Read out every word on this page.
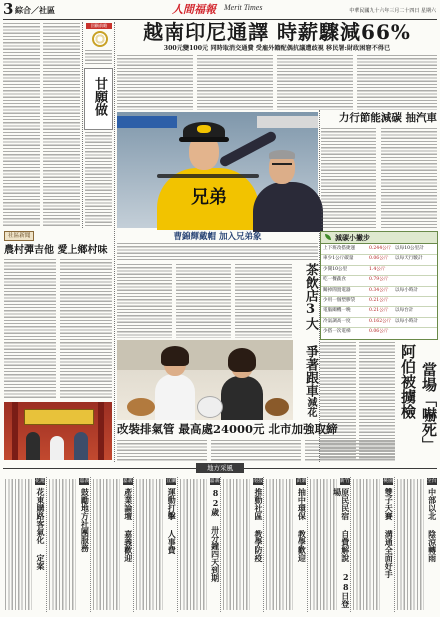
3 綜合／社區	人間福報 Merit Times	中華民國九十六年三月二十四日 星期六
回顧前瞻
甘願做
越南印尼通譯 時薪驟減66%
300元變100元 同時取消交通費 受雇外籍配偶抗議遭歧視 移民署:財政困窘不得已
兄弟
力行節能減碳 抽汽車
曹錦輝戴帽 加入兄弟象
社區新聞
農村彈吉他 愛上鄉村味
茶飲店3大 爭著跟車減花
減碳小撇步
上下班改搭捷運	0.244公斤 以每10公里計
車少1公斤碳量	0.06公斤	以每天行駛計
少開10公里	1.4公斤
吃一餐蔬食	0.79公斤
關掉閒置電器	0.34公斤	以每小時計
少用一個塑膠袋	0.21公斤
電腦關機一晚	0.21公斤	以每台計
冷氣調高一度	0.162公斤 以每小時計
少搭一次電梯	0.06公斤
阿伯被擄檢 當場「嚇死」
改裝排氣管 最高處24000元 北市加強取締
地方采風
花蓮
花東購路客氣化 定案
嘉義
鼓勵地方社團服務
嘉義
產業論壇 嘉義歡迎
宜蘭
運動打擊 人事費
嘉義
82歲 卅分鐘四天到期
南投
推動社區 教學防疫
苗栗
抽中環保 教學歡迎
新竹
原民民宿 自費解說 28日登場
桃園
雙子天賽 溝通全面好手
全台
中部以北 陰涼轉雨
